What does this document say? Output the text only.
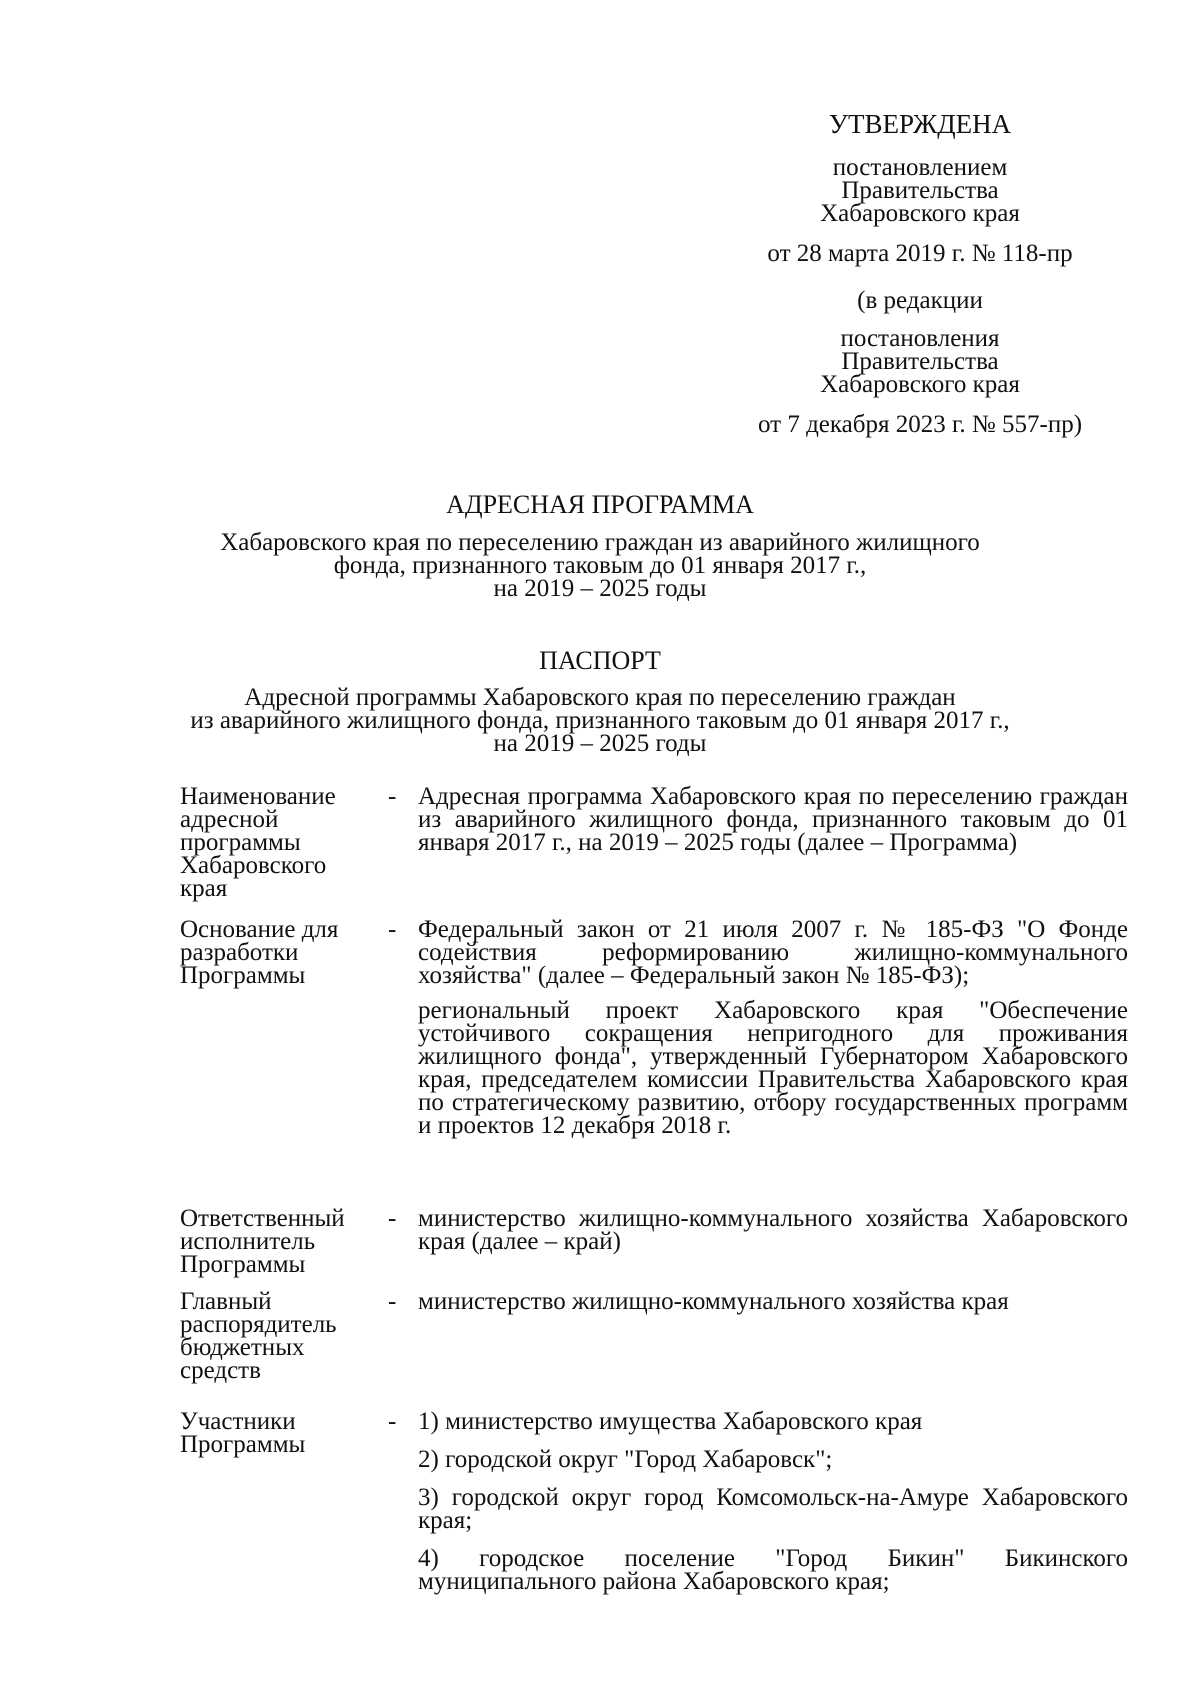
УТВЕРЖДЕНА
постановлением
Правительства
Хабаровского края
от 28 марта 2019 г. № 118-пр
(в редакции
постановления
Правительства
Хабаровского края
от 7 декабря 2023 г. № 557-пр)
АДРЕСНАЯ ПРОГРАММА
Хабаровского края по переселению граждан из аварийного жилищного
фонда, признанного таковым до 01 января 2017 г.,
на 2019 – 2025 годы
ПАСПОРТ
Адресной программы Хабаровского края по переселению граждан
из аварийного жилищного фонда, признанного таковым до 01 января 2017 г.,
на 2019 – 2025 годы
Наименование адресной программы Хабаровского края
- Адресная программа Хабаровского края по переселению граждан из аварийного жилищного фонда, признанного таковым до 01 января 2017 г., на 2019 – 2025 годы (далее – Программа)

Основание для разработки Программы
- Федеральный закон от 21 июля 2007 г. № 185-ФЗ "О Фонде содействия реформированию жилищно-коммунального хозяйства" (далее – Федеральный закон № 185-ФЗ);

региональный проект Хабаровского края "Обеспечение устойчивого сокращения непригодного для проживания жилищного фонда", утвержденный Губернатором Хабаровского края, председателем комиссии Правительства Хабаровского края по стратегическому развитию, отбору государственных программ и проектов 12 декабря 2018 г.

Ответственный исполнитель Программы
- министерство жилищно-коммунального хозяйства Хабаровского края (далее – край)

Главный распорядитель бюджетных средств
- министерство жилищно-коммунального хозяйства края

Участники Программы
- 1) министерство имущества Хабаровского края

2) городской округ "Город Хабаровск";

3) городской округ город Комсомольск-на-Амуре Хабаровского края;

4) городское поселение "Город Бикин" Бикинского муниципального района Хабаровского края;
